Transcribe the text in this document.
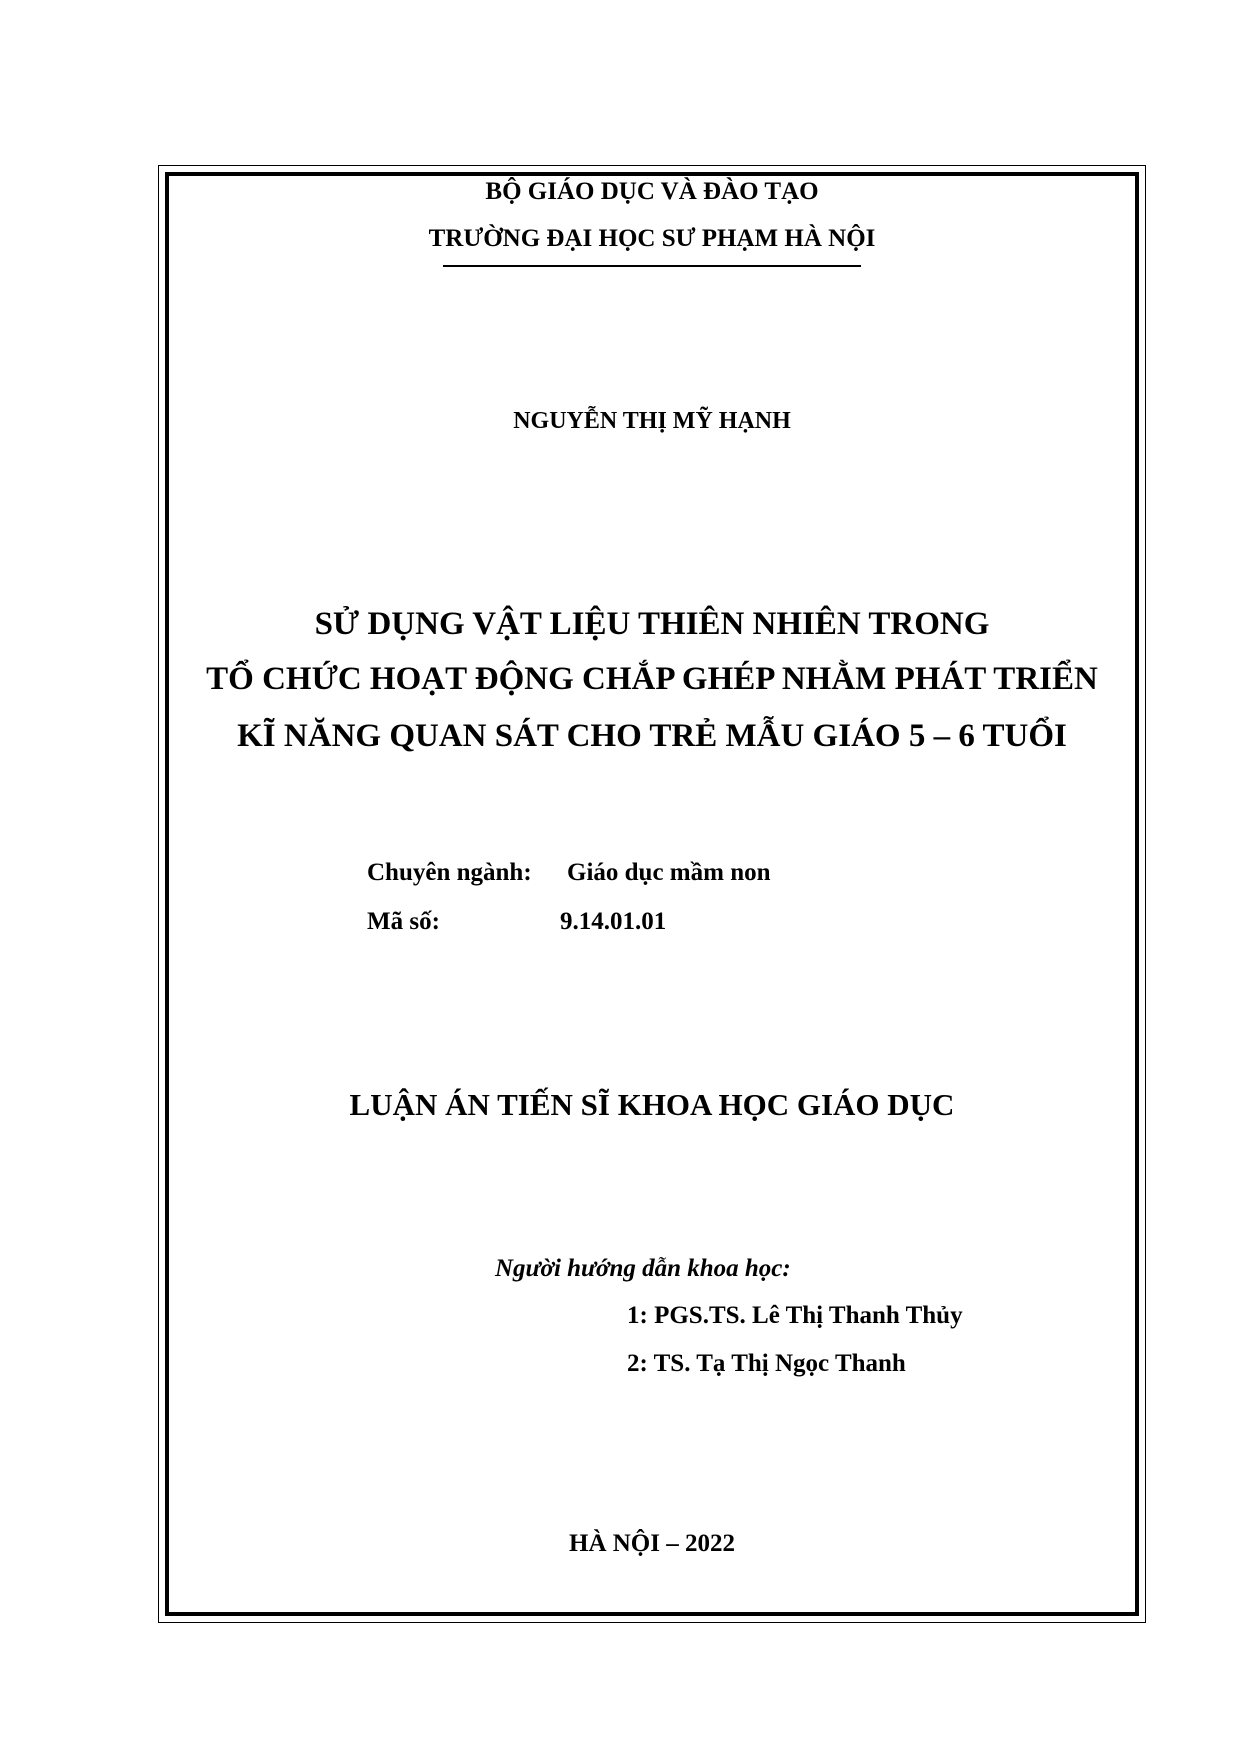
BỘ GIÁO DỤC VÀ ĐÀO TẠO
TRƯỜNG ĐẠI HỌC SƯ PHẠM HÀ NỘI
NGUYỄN THỊ MỸ HẠNH
SỬ DỤNG VẬT LIỆU THIÊN NHIÊN TRONG
TỔ CHỨC HOẠT ĐỘNG CHẮP GHÉP NHẰM PHÁT TRIỂN
KĨ NĂNG QUAN SÁT CHO TRẺ MẪU GIÁO 5 – 6 TUỔI
Chuyên ngành: Giáo dục mầm non
Mã số:	9.14.01.01
LUẬN ÁN TIẾN SĨ KHOA HỌC GIÁO DỤC
Người hướng dẫn khoa học:
1: PGS.TS. Lê Thị Thanh Thủy
2: TS. Tạ Thị Ngọc Thanh
HÀ NỘI – 2022
